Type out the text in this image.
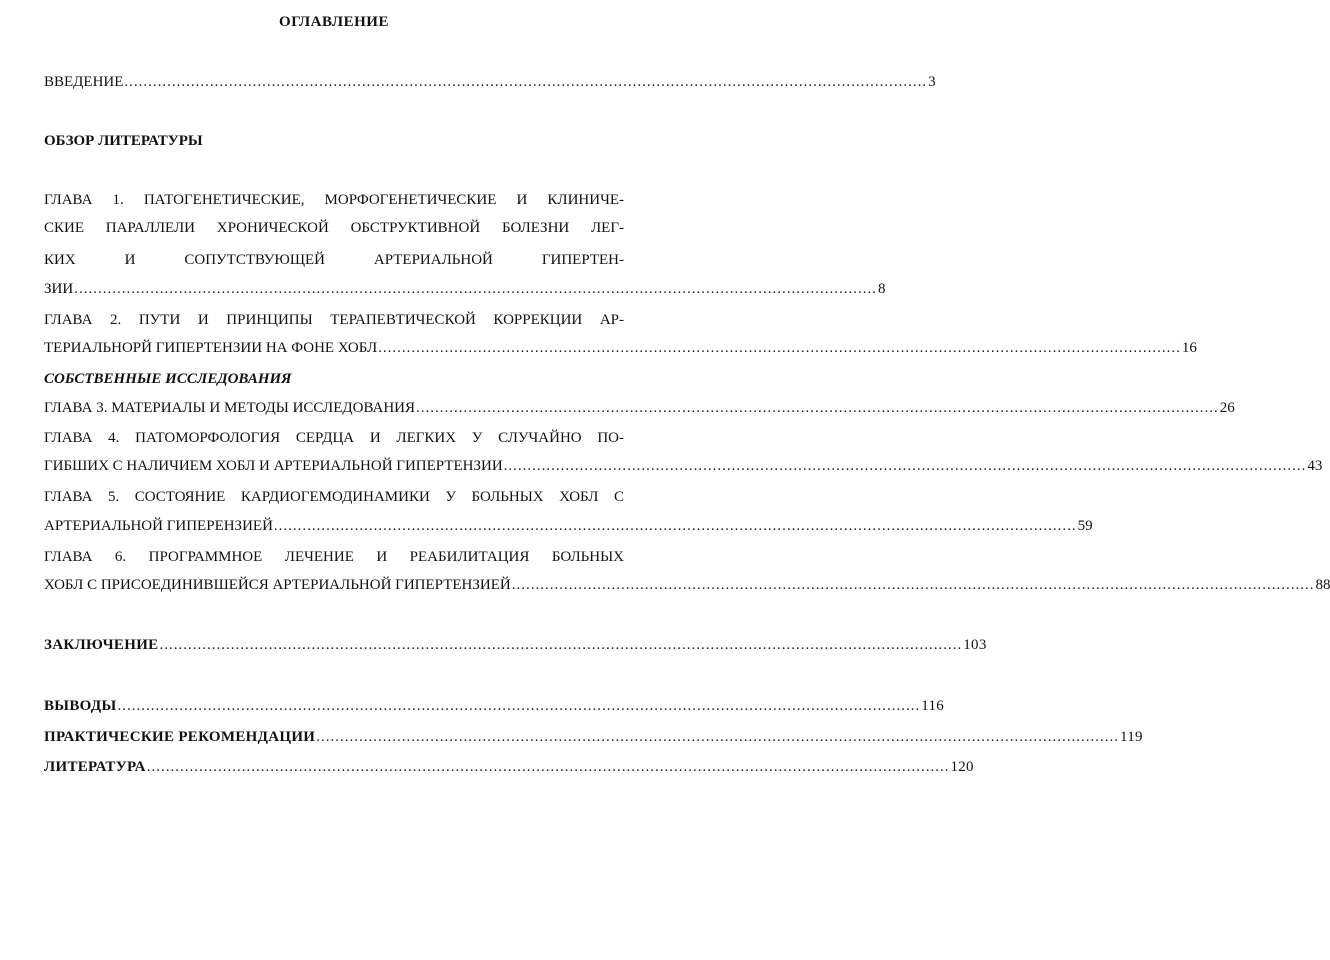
ОГЛАВЛЕНИЕ
ВВЕДЕНИЕ ......................................................................................................................................................................... 3
ОБЗОР ЛИТЕРАТУРЫ
ГЛАВА 1. ПАТОГЕНЕТИЧЕСКИЕ, МОРФОГЕНЕТИЧЕСКИЕ И КЛИНИЧЕ-
СКИЕ ПАРАЛЛЕЛИ ХРОНИЧЕСКОЙ ОБСТРУКТИВНОЙ БОЛЕЗНИ ЛЕГ-
КИХ И СОПУТСТВУЮЩЕЙ АРТЕРИАЛЬНОЙ ГИПЕРТЕН-
ЗИИ ......................................................................................................................................................................... 8
ГЛАВА 2. ПУТИ И ПРИНЦИПЫ ТЕРАПЕВТИЧЕСКОЙ КОРРЕКЦИИ АР-
ТЕРИАЛЬНОРЙ ГИПЕРТЕНЗИИ НА ФОНЕ ХОБЛ ......................................................................................................................................................................... 16
СОБСТВЕННЫЕ ИССЛЕДОВАНИЯ
ГЛАВА 3. МАТЕРИАЛЫ И МЕТОДЫ ИССЛЕДОВАНИЯ ......................................................................................................................................................................... 26
ГЛАВА 4. ПАТОМОРФОЛОГИЯ СЕРДЦА И ЛЕГКИХ У СЛУЧАЙНО ПО-
ГИБШИХ С НАЛИЧИЕМ ХОБЛ И АРТЕРИАЛЬНОЙ ГИПЕРТЕНЗИИ ......................................................................................................................................................................... 43
ГЛАВА 5. СОСТОЯНИЕ КАРДИОГЕМОДИНАМИКИ У БОЛЬНЫХ ХОБЛ С
АРТЕРИАЛЬНОЙ ГИПЕРЕНЗИЕЙ ......................................................................................................................................................................... 59
ГЛАВА 6. ПРОГРАММНОЕ ЛЕЧЕНИЕ И РЕАБИЛИТАЦИЯ БОЛЬНЫХ
ХОБЛ С ПРИСОЕДИНИВШЕЙСЯ АРТЕРИАЛЬНОЙ ГИПЕРТЕНЗИЕЙ ......................................................................................................................................................................... 88
ЗАКЛЮЧЕНИЕ ......................................................................................................................................................................... 103
ВЫВОДЫ ......................................................................................................................................................................... 116
ПРАКТИЧЕСКИЕ РЕКОМЕНДАЦИИ ......................................................................................................................................................................... 119
ЛИТЕРАТУРА ......................................................................................................................................................................... 120
